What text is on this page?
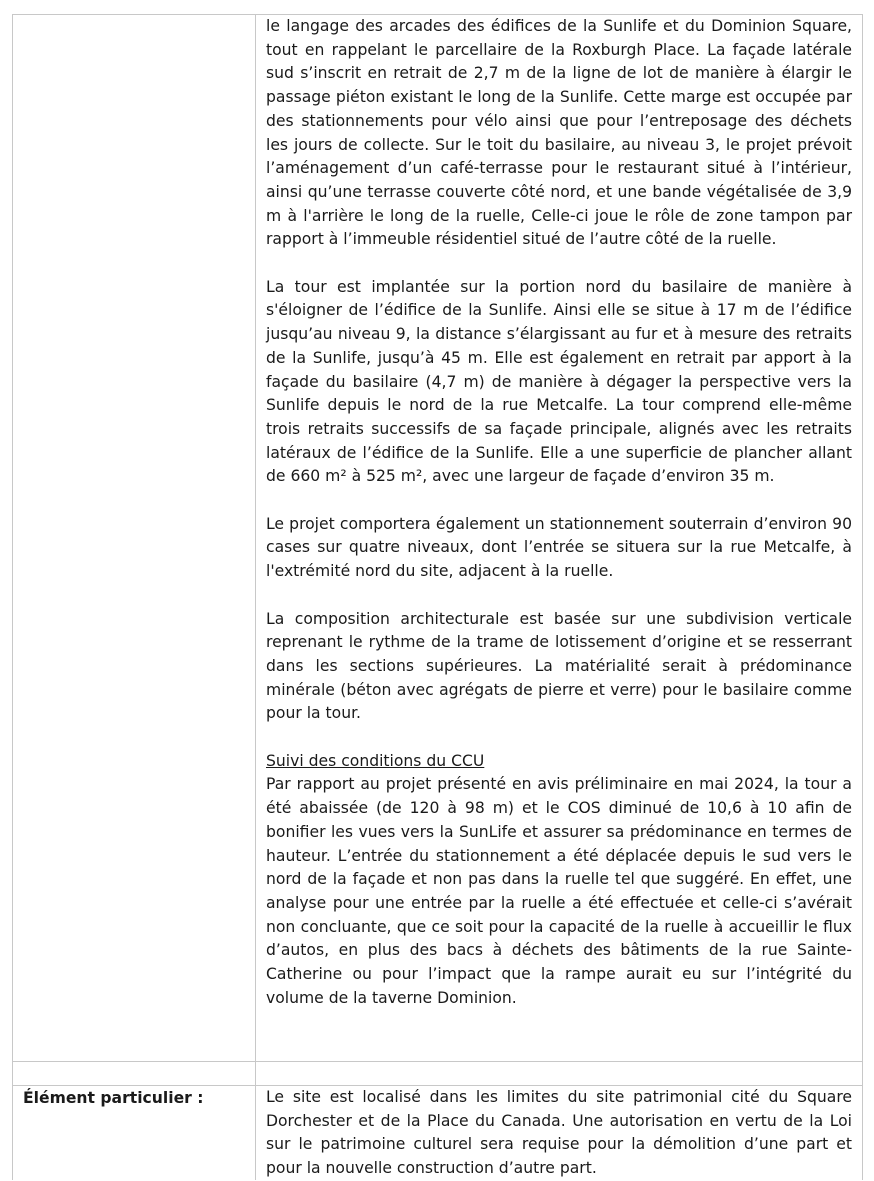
le langage des arcades des édifices de la Sunlife et du Dominion Square, tout en rappelant le parcellaire de la Roxburgh Place. La façade latérale sud s’inscrit en retrait de 2,7 m de la ligne de lot de manière à élargir le passage piéton existant le long de la Sunlife. Cette marge est occupée par des stationnements pour vélo ainsi que pour l’entreposage des déchets les jours de collecte. Sur le toit du basilaire, au niveau 3, le projet prévoit l’aménagement d’un café-terrasse pour le restaurant situé à l’intérieur, ainsi qu’une terrasse couverte côté nord, et une bande végétalisée de 3,9 m à l'arrière le long de la ruelle, Celle-ci joue le rôle de zone tampon par rapport à l’immeuble résidentiel situé de l’autre côté de la ruelle.

La tour est implantée sur la portion nord du basilaire de manière à s'éloigner de l’édifice de la Sunlife. Ainsi elle se situe à 17 m de l’édifice jusqu’au niveau 9, la distance s’élargissant au fur et à mesure des retraits de la Sunlife, jusqu’à 45 m. Elle est également en retrait par apport à la façade du basilaire (4,7 m) de manière à dégager la perspective vers la Sunlife depuis le nord de la rue Metcalfe. La tour comprend elle-même trois retraits successifs de sa façade principale, alignés avec les retraits latéraux de l’édifice de la Sunlife. Elle a une superficie de plancher allant de 660 m² à 525 m², avec une largeur de façade d’environ 35 m.

Le projet comportera également un stationnement souterrain d’environ 90 cases sur quatre niveaux, dont l’entrée se situera sur la rue Metcalfe, à l'extrémité nord du site, adjacent à la ruelle.

La composition architecturale est basée sur une subdivision verticale reprenant le rythme de la trame de lotissement d’origine et se resserrant dans les sections supérieures. La matérialité serait à prédominance minérale (béton avec agrégats de pierre et verre) pour le basilaire comme pour la tour.

Suivi des conditions du CCU

Par rapport au projet présenté en avis préliminaire en mai 2024, la tour a été abaissée (de 120 à 98 m) et le COS diminué de 10,6 à 10 afin de bonifier les vues vers la SunLife et assurer sa prédominance en termes de hauteur. L’entrée du stationnement a été déplacée depuis le sud vers le nord de la façade et non pas dans la ruelle tel que suggéré. En effet, une analyse pour une entrée par la ruelle a été effectuée et celle-ci s’avérait non concluante, que ce soit pour la capacité de la ruelle à accueillir le flux d’autos, en plus des bacs à déchets des bâtiments de la rue Sainte-Catherine ou pour l’impact que la rampe aurait eu sur l’intégrité du volume de la taverne Dominion.

Élément particulier :	Le site est localisé dans les limites du site patrimonial cité du Square Dorchester et de la Place du Canada. Une autorisation en vertu de la Loi sur le patrimoine culturel sera requise pour la démolition d’une part et pour la nouvelle construction d’autre part.
